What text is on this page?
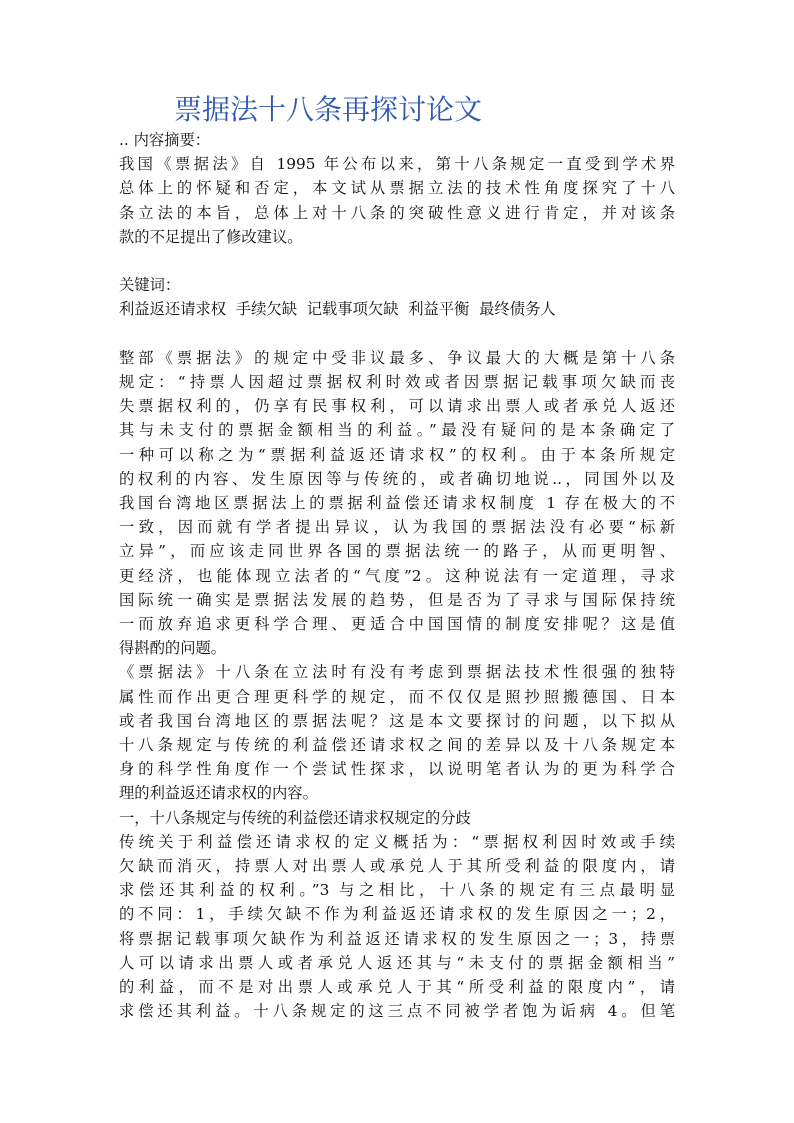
票据法十八条再探讨论文
.. 内容摘要：
我国《票据法》自 1995 年公布以来，第十八条规定一直受到学术界
总体上的怀疑和否定，本文试从票据立法的技术性角度探究了十八
条立法的本旨，总体上对十八条的突破性意义进行肯定，并对该条
款的不足提出了修改建议。
关键词：
利益返还请求权  手续欠缺  记载事项欠缺  利益平衡  最终债务人
整部《票据法》的规定中受非议最多、争议最大的大概是第十八条
规定：“持票人因超过票据权利时效或者因票据记载事项欠缺而丧
失票据权利的，仍享有民事权利，可以请求出票人或者承兑人返还
其与未支付的票据金额相当的利益。”最没有疑问的是本条确定了
一种可以称之为“票据利益返还请求权”的权利。由于本条所规定
的权利的内容、发生原因等与传统的，或者确切地说..，同国外以及
我国台湾地区票据法上的票据利益偿还请求权制度 1 存在极大的不
一致，因而就有学者提出异议，认为我国的票据法没有必要“标新
立异”，而应该走同世界各国的票据法统一的路子，从而更明智、
更经济，也能体现立法者的“气度”2。这种说法有一定道理，寻求
国际统一确实是票据法发展的趋势，但是否为了寻求与国际保持统
一而放弃追求更科学合理、更适合中国国情的制度安排呢？这是值
得斟酌的问题。
《票据法》十八条在立法时有没有考虑到票据法技术性很强的独特
属性而作出更合理更科学的规定，而不仅仅是照抄照搬德国、日本
或者我国台湾地区的票据法呢？这是本文要探讨的问题，以下拟从
十八条规定与传统的利益偿还请求权之间的差异以及十八条规定本
身的科学性角度作一个尝试性探求，以说明笔者认为的更为科学合
理的利益返还请求权的内容。
一，十八条规定与传统的利益偿还请求权规定的分歧
传统关于利益偿还请求权的定义概括为：“票据权利因时效或手续
欠缺而消灭，持票人对出票人或承兑人于其所受利益的限度内，请
求偿还其利益的权利。”3 与之相比，十八条的规定有三点最明显
的不同：1，手续欠缺不作为利益返还请求权的发生原因之一；2，
将票据记载事项欠缺作为利益返还请求权的发生原因之一；3，持票
人可以请求出票人或者承兑人返还其与“未支付的票据金额相当”
的利益，而不是对出票人或承兑人于其“所受利益的限度内”，请
求偿还其利益。十八条规定的这三点不同被学者饱为诟病 4。但笔
